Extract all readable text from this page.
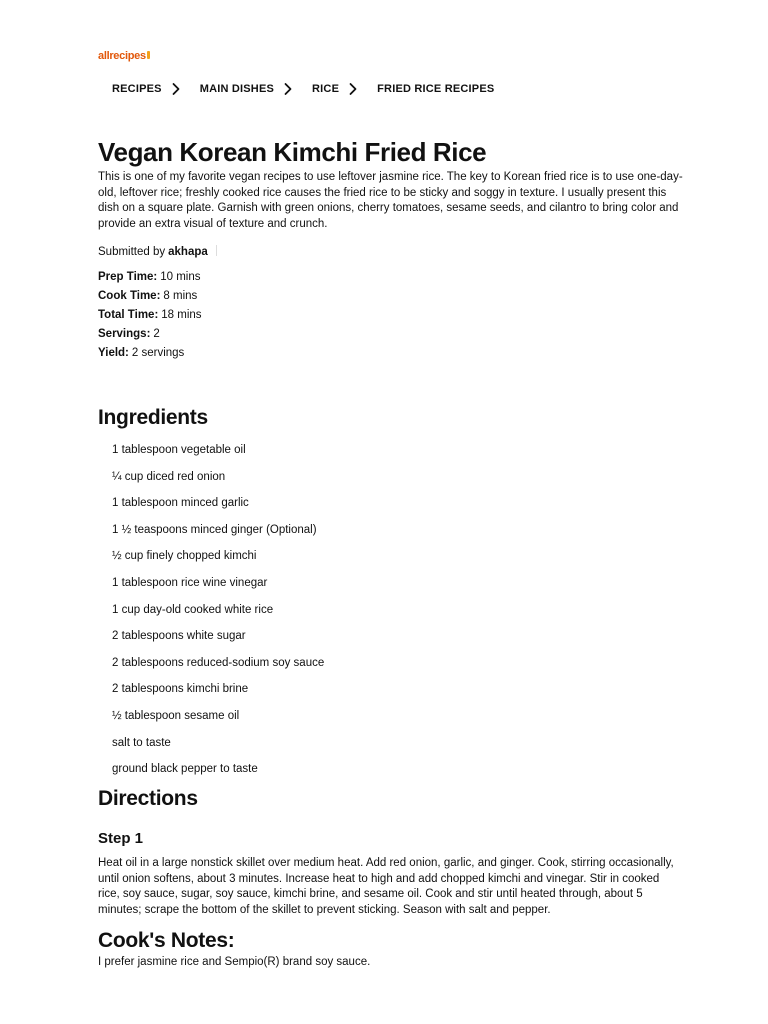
allrecipes
RECIPES	MAIN DISHES	RICE	FRIED RICE RECIPES
Vegan Korean Kimchi Fried Rice

This is one of my favorite vegan recipes to use leftover jasmine rice. The key to Korean fried rice is to use one-day-old, leftover rice; freshly cooked rice causes the fried rice to be sticky and soggy in texture. I usually present this dish on a square plate. Garnish with green onions, cherry tomatoes, sesame seeds, and cilantro to bring color and provide an extra visual of texture and crunch.

Submitted by akhapa
Prep Time: 10 mins
Cook Time: 8 mins
Total Time: 18 mins
Servings: 2
Yield: 2 servings
Ingredients
1 tablespoon vegetable oil
¼ cup diced red onion
1 tablespoon minced garlic
1 ½ teaspoons minced ginger (Optional)
½ cup finely chopped kimchi
1 tablespoon rice wine vinegar
1 cup day-old cooked white rice
2 tablespoons white sugar
2 tablespoons reduced-sodium soy sauce
2 tablespoons kimchi brine
½ tablespoon sesame oil
salt to taste
ground black pepper to taste
Directions
Step 1

Heat oil in a large nonstick skillet over medium heat. Add red onion, garlic, and ginger. Cook, stirring occasionally, until onion softens, about 3 minutes. Increase heat to high and add chopped kimchi and vinegar. Stir in cooked rice, soy sauce, sugar, soy sauce, kimchi brine, and sesame oil. Cook and stir until heated through, about 5 minutes; scrape the bottom of the skillet to prevent sticking. Season with salt and pepper.

Cook's Notes:

I prefer jasmine rice and Sempio(R) brand soy sauce.
